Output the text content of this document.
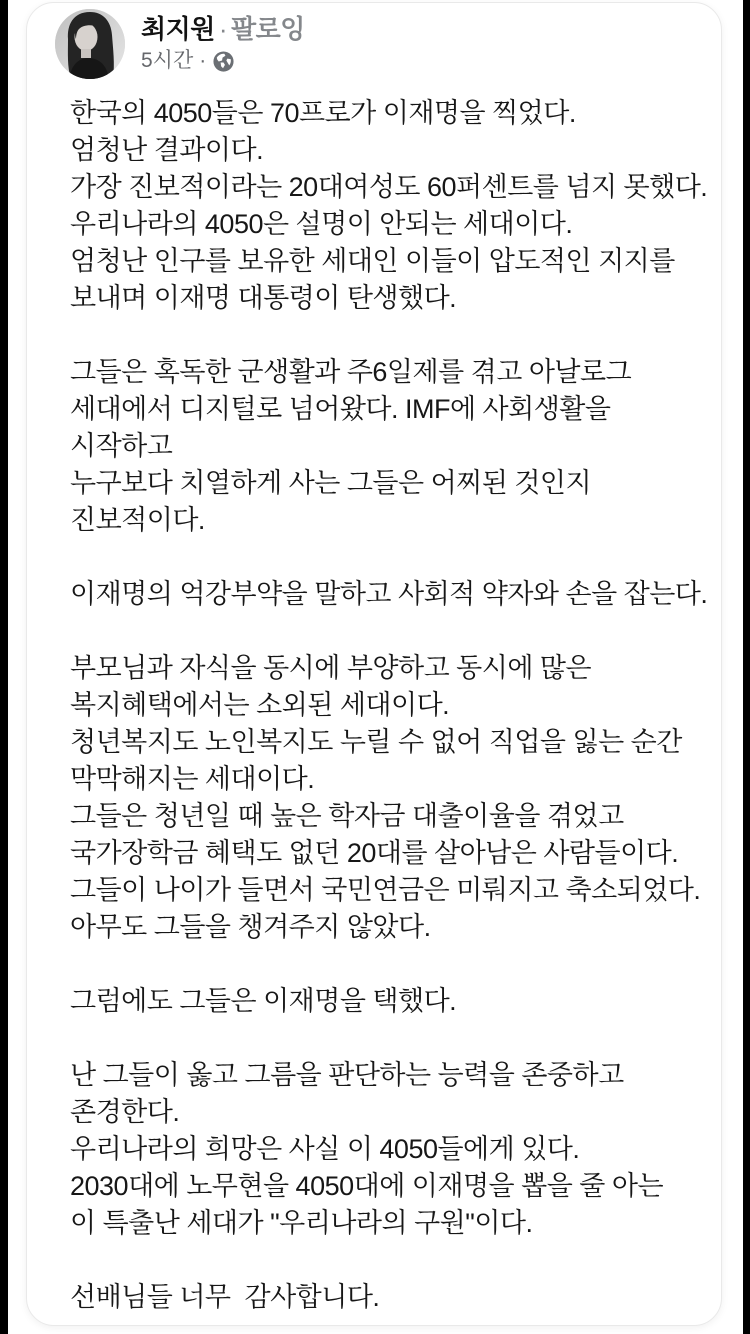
최지원 · 팔로잉
5시간 ·
한국의 4050들은 70프로가 이재명을 찍었다.
엄청난 결과이다.
가장 진보적이라는 20대여성도 60퍼센트를 넘지 못했다.
우리나라의 4050은 설명이 안되는 세대이다.
엄청난 인구를 보유한 세대인 이들이 압도적인 지지를
보내며 이재명 대통령이 탄생했다.

그들은 혹독한 군생활과 주6일제를 겪고 아날로그
세대에서 디지털로 넘어왔다. IMF에 사회생활을
시작하고
누구보다 치열하게 사는 그들은 어찌된 것인지
진보적이다.

이재명의 억강부약을 말하고 사회적 약자와 손을 잡는다.

부모님과 자식을 동시에 부양하고 동시에 많은
복지혜택에서는 소외된 세대이다.
청년복지도 노인복지도 누릴 수 없어 직업을 잃는 순간
막막해지는 세대이다.
그들은 청년일 때 높은 학자금 대출이율을 겪었고
국가장학금 혜택도 없던 20대를 살아남은 사람들이다.
그들이 나이가 들면서 국민연금은 미뤄지고 축소되었다.
아무도 그들을 챙겨주지 않았다.

그럼에도 그들은 이재명을 택했다.

난 그들이 옳고 그름을 판단하는 능력을 존중하고
존경한다.
우리나라의 희망은 사실 이 4050들에게 있다.
2030대에 노무현을 4050대에 이재명을 뽑을 줄 아는
이 특출난 세대가 "우리나라의 구원"이다.

선배님들 너무  감사합니다.
